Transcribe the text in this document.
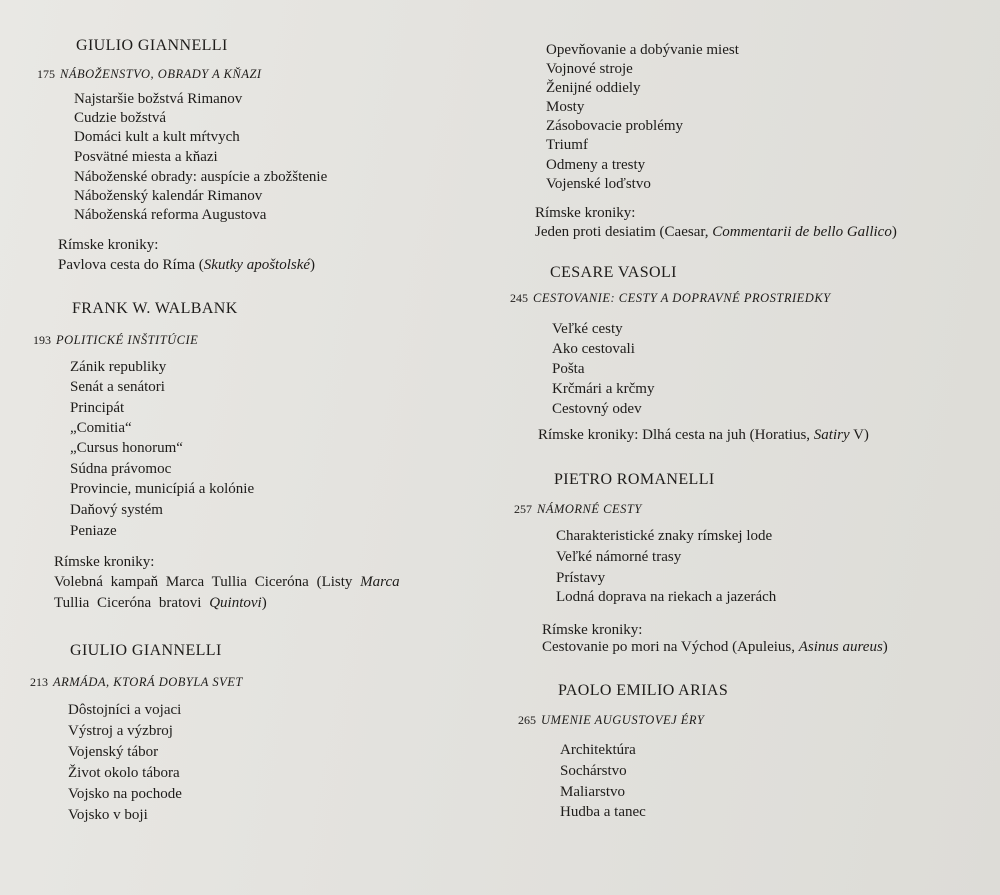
GIULIO GIANNELLI
175 NÁBOŽENSTVO, OBRADY A KŇAZI
Najstaršie božstvá Rimanov
Cudzie božstvá
Domáci kult a kult mŕtvych
Posvätné miesta a kňazi
Náboženské obrady: auspície a zbožštenie
Náboženský kalendár Rimanov
Náboženská reforma Augustova
Rímske kroniky:
Pavlova cesta do Ríma (Skutky apoštolské)
FRANK W. WALBANK
193 POLITICKÉ INŠTITÚCIE
Zánik republiky
Senát a senátori
Principát
„Comitia“
„Cursus honorum“
Súdna právomoc
Provincie, municípiá a kolónie
Daňový systém
Peniaze
Rímske kroniky:
Volebná kampaň Marca Tullia Ciceróna (Listy Marca
Tullia Ciceróna bratovi Quintovi)
GIULIO GIANNELLI
213 ARMÁDA, KTORÁ DOBYLA SVET
Dôstojníci a vojaci
Výstroj a výzbroj
Vojenský tábor
Život okolo tábora
Vojsko na pochode
Vojsko v boji
Opevňovanie a dobývanie miest
Vojnové stroje
Ženijné oddiely
Mosty
Zásobovacie problémy
Triumf
Odmeny a tresty
Vojenské loďstvo
Rímske kroniky:
Jeden proti desiatim (Caesar, Commentarii de bello Gallico)
CESARE VASOLI
245 CESTOVANIE: CESTY A DOPRAVNÉ PROSTRIEDKY
Veľké cesty
Ako cestovali
Pošta
Krčmári a krčmy
Cestovný odev
Rímske kroniky: Dlhá cesta na juh (Horatius, Satiry V)
PIETRO ROMANELLI
257 NÁMORNÉ CESTY
Charakteristické znaky rímskej lode
Veľké námorné trasy
Prístavy
Lodná doprava na riekach a jazerách
Rímske kroniky:
Cestovanie po mori na Východ (Apuleius, Asinus aureus)
PAOLO EMILIO ARIAS
265 UMENIE AUGUSTOVEJ ÉRY
Architektúra
Sochárstvo
Maliarstvo
Hudba a tanec
